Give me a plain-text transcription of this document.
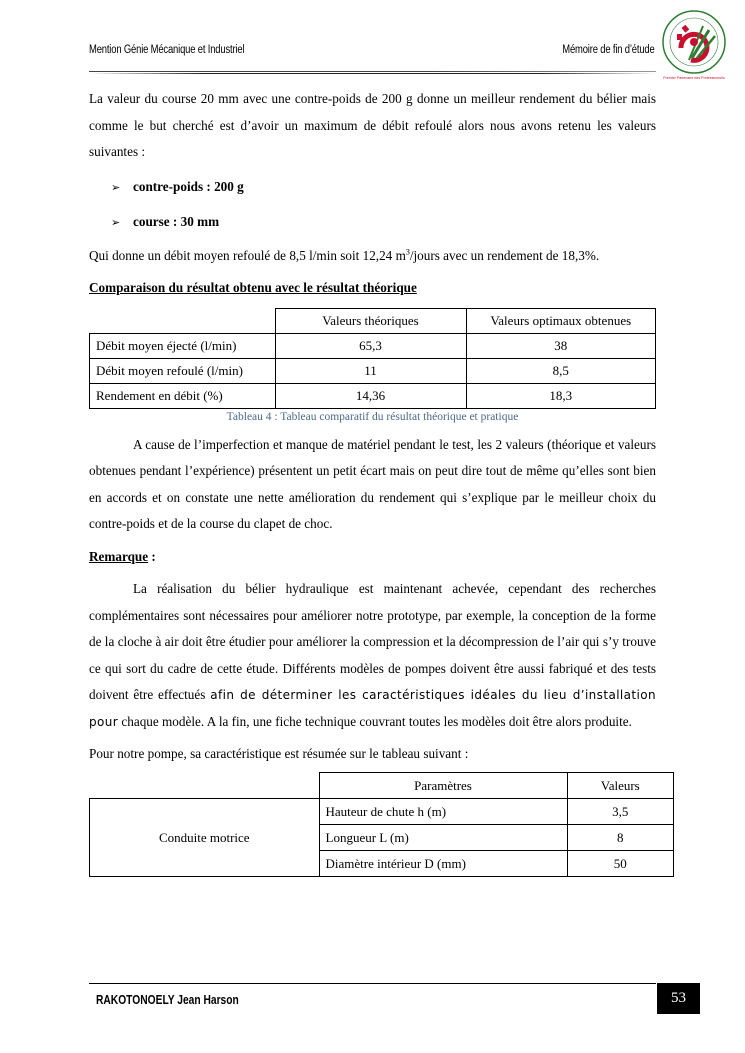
Mention Génie Mécanique et Industriel	Mémoire de fin d’étude
Premier Partenaire des Professionnels

La valeur du course 20 mm avec une contre-poids de 200 g donne un meilleur rendement du bélier mais comme le but cherché est d’avoir un maximum de débit refoulé alors nous avons retenu les valeurs suivantes :

➢ contre-poids : 200 g
➢ course : 30 mm

Qui donne un débit moyen refoulé de 8,5 l/min soit 12,24 $m^3$/jours avec un rendement de 18,3%.

Comparaison du résultat obtenu avec le résultat théorique

	Valeurs théoriques	Valeurs optimaux obtenues
Débit moyen éjecté (l/min)	65,3	38
Débit moyen refoulé (l/min)	11	8,5
Rendement en débit (%)	14,36	18,3
Tableau 4 : Tableau comparatif du résultat théorique et pratique

A cause de l’imperfection et manque de matériel pendant le test, les 2 valeurs (théorique et valeurs obtenues pendant l’expérience) présentent un petit écart mais on peut dire tout de même qu’elles sont bien en accords et on constate une nette amélioration du rendement qui s’explique par le meilleur choix du contre-poids et de la course du clapet de choc.

Remarque :

La réalisation du bélier hydraulique est maintenant achevée, cependant des recherches complémentaires sont nécessaires pour améliorer notre prototype, par exemple, la conception de la forme de la cloche à air doit être étudier pour améliorer la compression et la décompression de l’air qui s’y trouve ce qui sort du cadre de cette étude. Différents modèles de pompes doivent être aussi fabriqué et des tests doivent être effectués afin de déterminer les caractéristiques idéales du lieu d’installation pour chaque modèle. A la fin, une fiche technique couvrant toutes les modèles doit être alors produite.

Pour notre pompe, sa caractéristique est résumée sur le tableau suivant :

	Paramètres	Valeurs
Conduite motrice	Hauteur de chute h (m)	3,5
	Longueur L (m)	8
	Diamètre intérieur D (mm)	50
RAKOTONOELY Jean Harson	53
